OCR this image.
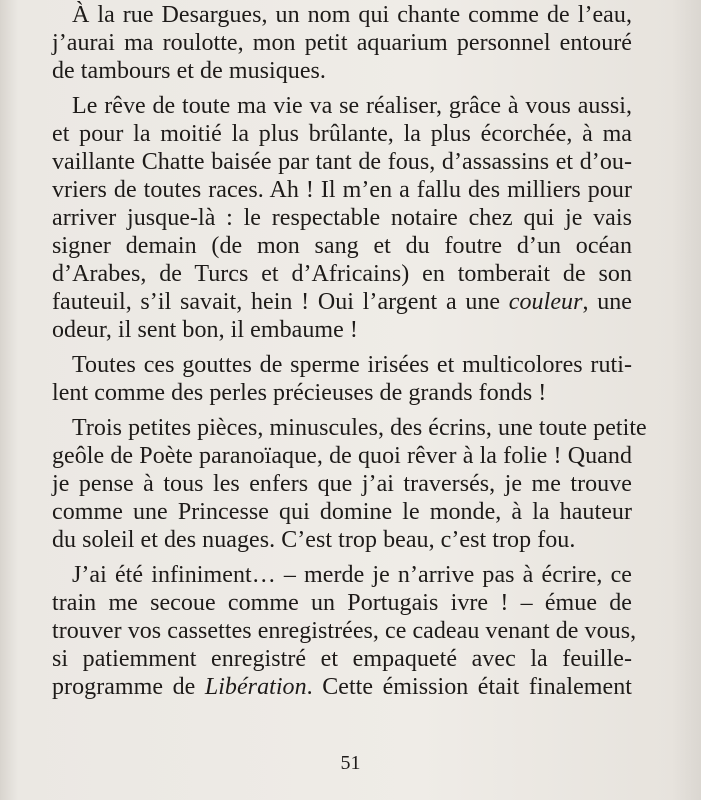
À la rue Desargues, un nom qui chante comme de l’eau,
j’aurai ma roulotte, mon petit aquarium personnel entouré
de tambours et de musiques.
Le rêve de toute ma vie va se réaliser, grâce à vous aussi,
et pour la moitié la plus brûlante, la plus écorchée, à ma
vaillante Chatte baisée par tant de fous, d’assassins et d’ou-
vriers de toutes races. Ah ! Il m’en a fallu des milliers pour
arriver jusque-là : le respectable notaire chez qui je vais
signer demain (de mon sang et du foutre d’un océan
d’Arabes, de Turcs et d’Africains) en tomberait de son
fauteuil, s’il savait, hein ! Oui l’argent a une couleur, une
odeur, il sent bon, il embaume !
Toutes ces gouttes de sperme irisées et multicolores ruti-
lent comme des perles précieuses de grands fonds !
Trois petites pièces, minuscules, des écrins, une toute petite
geôle de Poète paranoïaque, de quoi rêver à la folie ! Quand
je pense à tous les enfers que j’ai traversés, je me trouve
comme une Princesse qui domine le monde, à la hauteur
du soleil et des nuages. C’est trop beau, c’est trop fou.
J’ai été infiniment… – merde je n’arrive pas à écrire, ce
train me secoue comme un Portugais ivre ! – émue de
trouver vos cassettes enregistrées, ce cadeau venant de vous,
si patiemment enregistré et empaqueté avec la feuille-
programme de Libération. Cette émission était finalement
51
